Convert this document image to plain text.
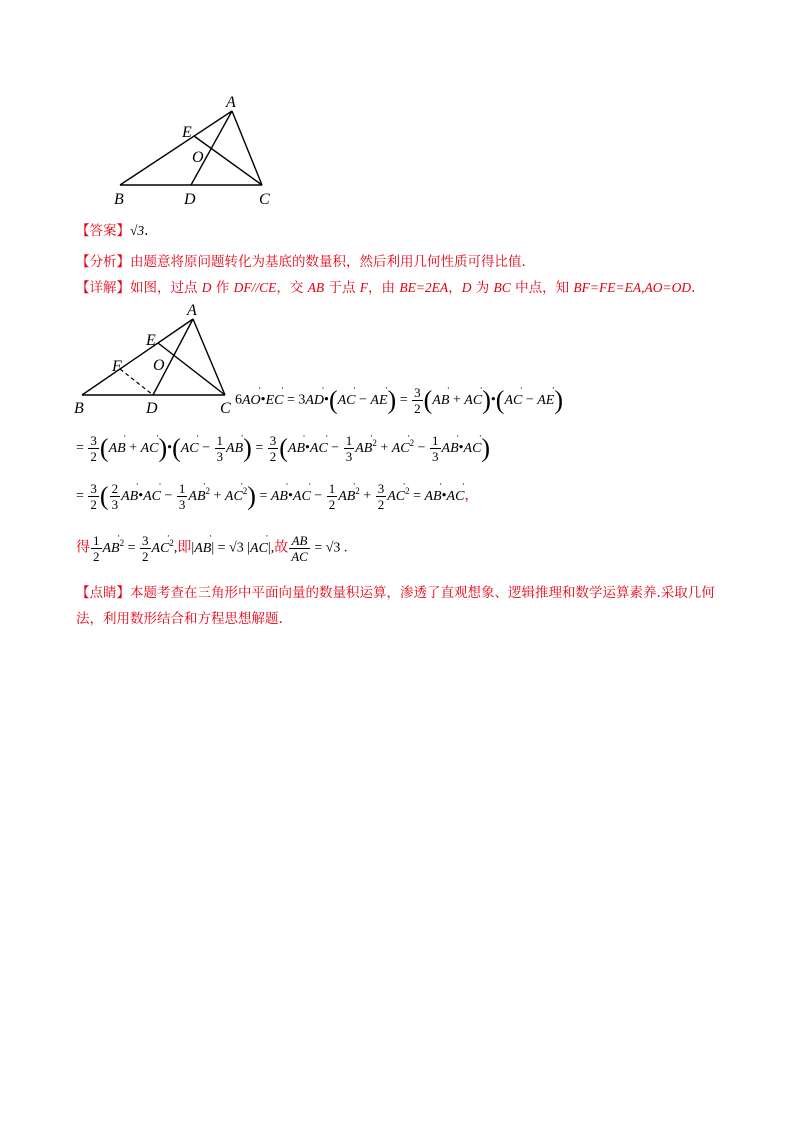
A
E
O
B	D	C
【答案】√3.
【分析】由题意将原问题转化为基底的数量积，然后利用几何性质可得比值.
【详解】如图，过点 D 作 DF//CE，交 AB 于点 F，由 BE=2EA，D 为 BC 中点，知 BF=FE=EA,AO=OD.
A
E
F O
B	D	C 6AO ˙•EC ˙ = 3AD ˙•(AC ˙ − AE ˙) = $\frac{3}{2} (AB$ ˙ + AC ˙)•(AC ˙ − AE ˙)
= $\frac{3}{2} (AB$ ˙ + AC ˙)•(AC ˙ − $\frac{1}{3}$ AB ˙) = $\frac{3}{2} (AB$ ˙•AC ˙ − $\frac{1}{3}$ AB ˙$^2$ + AC ˙$^2$ − $\frac{1}{3}$ AB ˙•AC ˙)
= $\frac{3}{2}$ ( $\frac{2}{3}$ AB ˙•AC ˙ − $\frac{1}{3}$ AB ˙$^2$ + AC ˙$^2$) = AB ˙•AC ˙ − $\frac{1}{2}$ AB ˙$^2$ + $\frac{3}{2}$ AC ˙$^2$ = AB ˙•AC ˙，
得 $\frac{1}{2}$ AB ˙$^2$ = $\frac{3}{2}$ AC ˙$^2$,即|AB ˙| = √3 |AC ˙|,故 $\frac{AB}{AC} = √3$ .
【点睛】本题考查在三角形中平面向量的数量积运算，渗透了直观想象、逻辑推理和数学运算素养.采取几何法，利用数形结合和方程思想解题.
